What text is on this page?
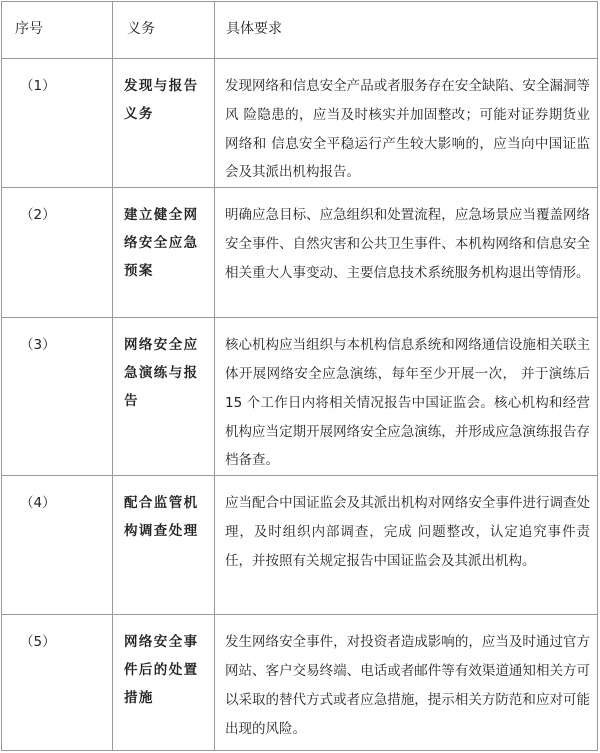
序号	义务	具体要求

（1）	发现与报告义务	发现网络和信息安全产品或者服务存在安全缺陷、安全漏洞等风 险隐患的，应当及时核实并加固整改；可能对证券期货业网络和 信息安全平稳运行产生较大影响的，应当向中国证监会及其派出机构报告。

（2）	建立健全网络安全应急预案	明确应急目标、应急组织和处置流程，应急场景应当覆盖网络安全事件、自然灾害和公共卫生事件、本机构网络和信息安全相关重大人事变动、主要信息技术系统服务机构退出等情形。

（3）	网络安全应急演练与报告	核心机构应当组织与本机构信息系统和网络通信设施相关联主体开展网络安全应急演练，每年至少开展一次， 并于演练后 15 个工作日内将相关情况报告中国证监会。核心机构和经营机构应当定期开展网络安全应急演练，并形成应急演练报告存档备查。

（4）	配合监管机构调查处理	应当配合中国证监会及其派出机构对网络安全事件进行调查处理，及时组织内部调查，完成 问题整改，认定追究事件责任，并按照有关规定报告中国证监会及其派出机构。

（5）	网络安全事件后的处置措施	发生网络安全事件，对投资者造成影响的，应当及时通过官方网站、客户交易终端、电话或者邮件等有效渠道通知相关方可以采取的替代方式或者应急措施，提示相关方防范和应对可能出现的风险。
